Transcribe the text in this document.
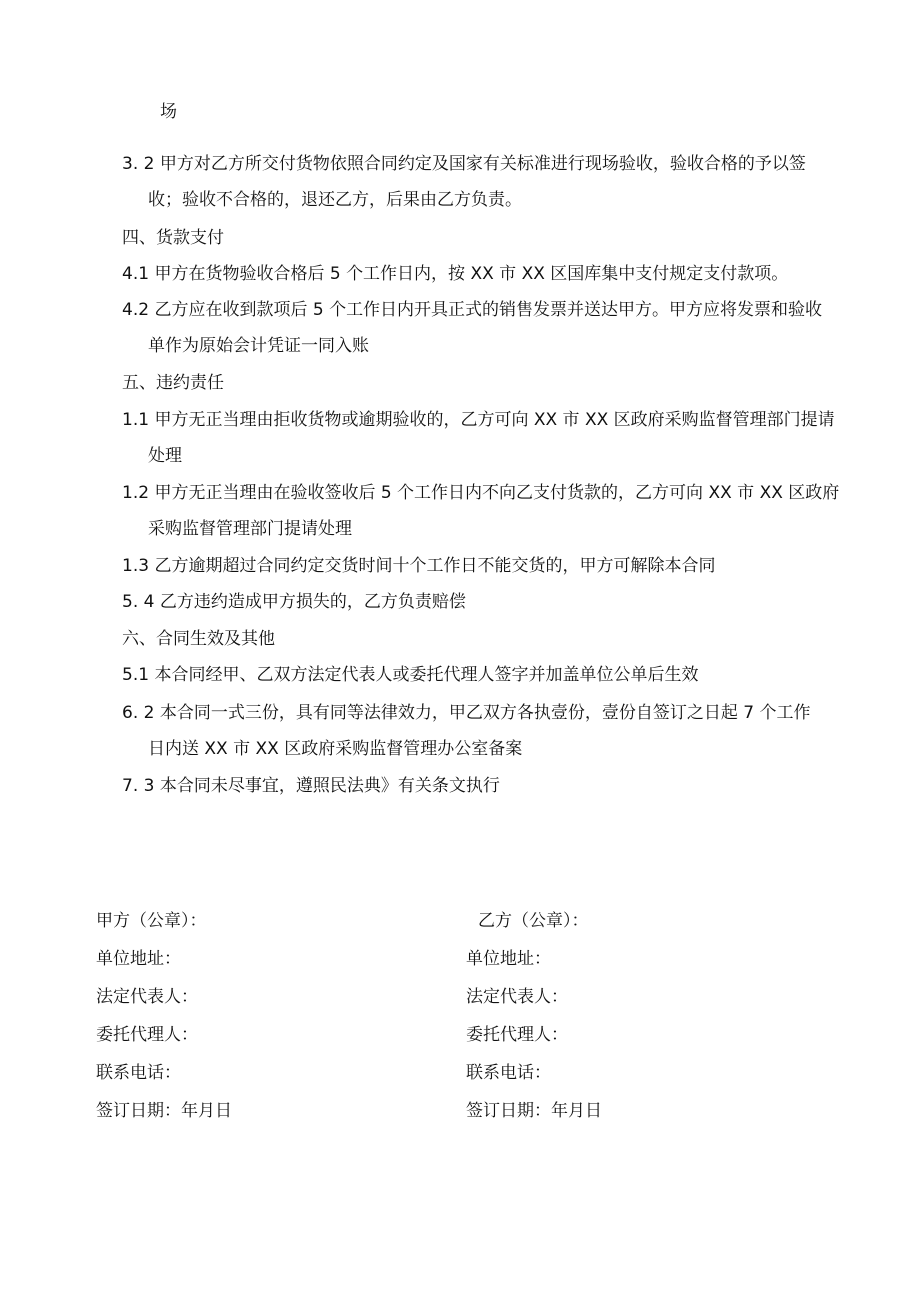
场
3. 2 甲方对乙方所交付货物依照合同约定及国家有关标准进行现场验收，验收合格的予以签
收；验收不合格的，退还乙方，后果由乙方负责。
四、货款支付
4.1 甲方在货物验收合格后 5 个工作日内，按 XX 市 XX 区国库集中支付规定支付款项。
4.2 乙方应在收到款项后 5 个工作日内开具正式的销售发票并送达甲方。甲方应将发票和验收
单作为原始会计凭证一同入账
五、违约责任
1.1 甲方无正当理由拒收货物或逾期验收的，乙方可向 XX 市 XX 区政府采购监督管理部门提请
处理
1.2 甲方无正当理由在验收签收后 5 个工作日内不向乙支付货款的，乙方可向 XX 市 XX 区政府
采购监督管理部门提请处理
1.3 乙方逾期超过合同约定交货时间十个工作日不能交货的，甲方可解除本合同
5. 4 乙方违约造成甲方损失的，乙方负责赔偿
六、合同生效及其他
5.1 本合同经甲、乙双方法定代表人或委托代理人签字并加盖单位公单后生效
6. 2 本合同一式三份，具有同等法律效力，甲乙双方各执壹份，壹份自签订之日起 7 个工作
日内送 XX 市 XX 区政府采购监督管理办公室备案
7. 3 本合同未尽事宜，遵照民法典》有关条文执行
甲方（公章）：
单位地址：
法定代表人：
委托代理人：
联系电话：
签订日期：年月日
乙方（公章）：
单位地址：
法定代表人：
委托代理人：
联系电话：
签订日期：年月日
